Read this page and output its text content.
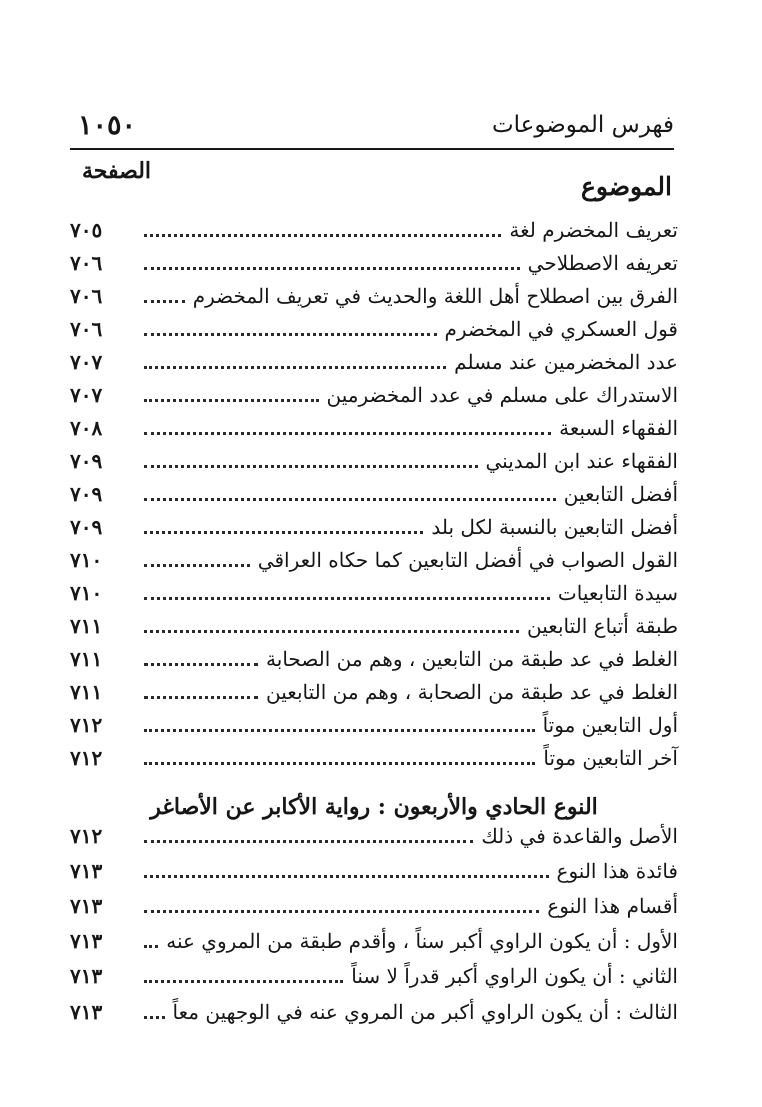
١٠٥٠	فهرس الموضوعات
الصفحة
الموضوع
تعريف المخضرم لغة
٧٠٥
تعريفه الاصطلاحي
٧٠٦
الفرق بين اصطلاح أهل اللغة والحديث في تعريف المخضرم
٧٠٦
قول العسكري في المخضرم
٧٠٦
عدد المخضرمين عند مسلم
٧٠٧
الاستدراك على مسلم في عدد المخضرمين
٧٠٧
الفقهاء السبعة
٧٠٨
الفقهاء عند ابن المديني
٧٠٩
أفضل التابعين
٧٠٩
أفضل التابعين بالنسبة لكل بلد
٧٠٩
القول الصواب في أفضل التابعين كما حكاه العراقي
٧١٠
سيدة التابعيات
٧١٠
طبقة أتباع التابعين
٧١١
الغلط في عد طبقة من التابعين ، وهم من الصحابة
٧١١
الغلط في عد طبقة من الصحابة ، وهم من التابعين
٧١١
أول التابعين موتاً
٧١٢
آخر التابعين موتاً
٧١٢
الأصل والقاعدة في ذلك
٧١٢
فائدة هذا النوع
٧١٣
أقسام هذا النوع
٧١٣
الأول : أن يكون الراوي أكبر سناً ، وأقدم طبقة من المروي عنه
٧١٣
الثاني : أن يكون الراوي أكبر قدراً لا سناً
٧١٣
الثالث : أن يكون الراوي أكبر من المروي عنه في الوجهين معاً
٧١٣
النوع الحادي والأربعون : رواية الأكابر عن الأصاغر
